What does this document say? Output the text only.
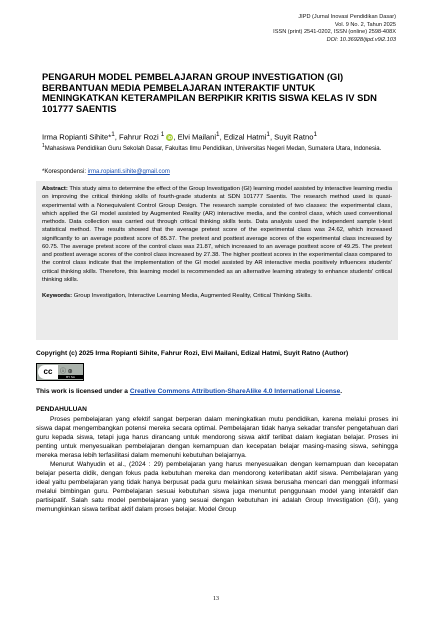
JIPD (Jurnal Inovasi Pendidikan Dasar)
Vol. 9 No. 2, Tahun 2025
ISSN (print) 2541-0202, ISSN (online) 2598-408X
DOI: 10.36928/jipd.v9i2.103
PENGARUH MODEL PEMBELAJARAN GROUP INVESTIGATION (GI) BERBANTUAN MEDIA PEMBELAJARAN INTERAKTIF UNTUK MENINGKATKAN KETERAMPILAN BERPIKIR KRITIS SISWA KELAS IV SDN 101777 SAENTIS
Irma Ropianti Sihite*$^1$, Fahrur Rozi $^1$ iD, Elvi Mailani$^1$, Edizal Hatmi$^1$, Suyit Ratno$^1$
$^1$Mahasiswa Pendidikan Guru Sekolah Dasar, Fakultas Ilmu Pendidikan, Universitas Negeri Medan, Sumatera Utara, Indonesia.
*Korespondensi: irma.ropianti.sihite@gmail.com

Abstract: This study aims to determine the effect of the Group Investigation (GI) learning model assisted by interactive learning media on improving the critical thinking skills of fourth-grade students at SDN 101777 Saentis. The research method used is quasi-experimental with a Nonequivalent Control Group Design. The research sample consisted of two classes: the experimental class, which applied the GI model assisted by Augmented Reality (AR) interactive media, and the control class, which used conventional methods. Data collection was carried out through critical thinking skills tests. Data analysis used the independent sample t-test statistical method. The results showed that the average pretest score of the experimental class was 24.62, which increased significantly to an average posttest score of 85.37. The pretest and posttest average scores of the experimental class increased by 60.75. The average pretest score of the control class was 21.87, which increased to an average posttest score of 49.25. The pretest and posttest average scores of the control class increased by 27.38. The higher posttest scores in the experimental class compared to the control class indicate that the implementation of the GI model assisted by AR interactive media positively influences students' critical thinking skills. Therefore, this learning model is recommended as an alternative learning strategy to enhance students' critical thinking skills.

Keywords: Group Investigation, Interactive Learning Media, Augmented Reality, Critical Thinking Skills.

Copyright (c) 2025 Irma Ropianti Sihite, Fahrur Rozi, Elvi Mailani, Edizal Hatmi, Suyit Ratno (Author)
cc	ⓘ ⊛
BY SA
This work is licensed under a Creative Commons Attribution-ShareAlike 4.0 International License.
PENDAHULUAN

Proses pembelajaran yang efektif sangat berperan dalam meningkatkan mutu pendidikan, karena melalui proses ini siswa dapat mengembangkan potensi mereka secara optimal. Pembelajaran tidak hanya sekadar transfer pengetahuan dari guru kepada siswa, tetapi juga harus dirancang untuk mendorong siswa aktif terlibat dalam kegiatan belajar. Proses ini penting untuk menyesuaikan pembelajaran dengan kemampuan dan kecepatan belajar masing-masing siswa, sehingga mereka merasa lebih terfasilitasi dalam memenuhi kebutuhan belajarnya.

Menurut Wahyudin et al., (2024 : 29) pembelajaran yang harus menyesuaikan dengan kemampuan dan kecepatan belajar peserta didik, dengan fokus pada kebutuhan mereka dan mendorong keterlibatan aktif siswa. Pembelajaran yang ideal yaitu pembelajaran yang tidak hanya berpusat pada guru melainkan siswa berusaha mencari dan menggali informasi melalui bimbingan guru. Pembelajaran sesuai kebutuhan siswa juga menuntut penggunaan model yang interaktif dan partisipatif. Salah satu model pembelajaran yang sesuai dengan kebutuhan ini adalah Group Investigation (GI), yang memungkinkan siswa terlibat aktif dalam proses belajar. Model Group

13
